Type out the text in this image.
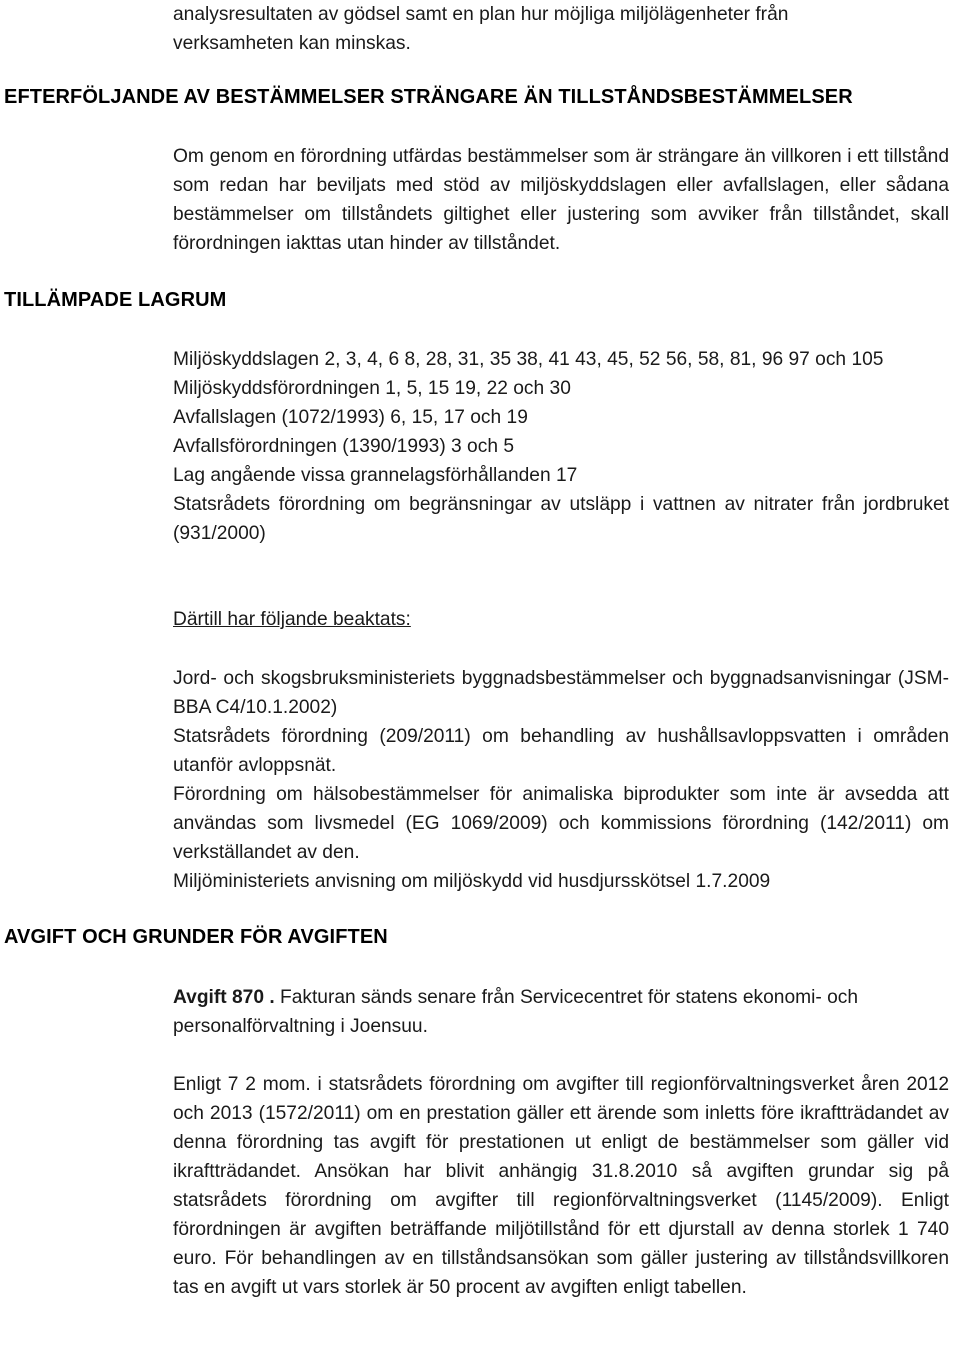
analysresultaten av gödsel samt en plan hur möjliga miljölägenheter från
verksamheten kan minskas.

EFTERFÖLJANDE AV BESTÄMMELSER STRÄNGARE ÄN TILLSTÅNDSBESTÄMMELSER

Om genom en förordning utfärdas bestämmelser som är strängare än villkoren i ett tillstånd som redan har beviljats med stöd av miljöskyddslagen eller avfallslagen, eller sådana bestämmelser om tillståndets giltighet eller justering som avviker från tillståndet, skall förordningen iakttas utan hinder av tillståndet.

TILLÄMPADE LAGRUM

Miljöskyddslagen 2, 3, 4, 6 8, 28, 31, 35 38, 41 43, 45, 52 56, 58, 81, 96 97 och 105

Miljöskyddsförordningen 1, 5, 15 19, 22 och 30

Avfallslagen (1072/1993) 6, 15, 17 och 19

Avfallsförordningen (1390/1993) 3 och 5

Lag angående vissa grannelagsförhållanden 17

Statsrådets förordning om begränsningar av utsläpp i vattnen av nitrater från jordbruket (931/2000)

Därtill har följande beaktats:

Jord- och skogsbruksministeriets byggnadsbestämmelser och byggnadsanvisningar (JSM-BBA C4/10.1.2002)

Statsrådets förordning (209/2011) om behandling av hushållsavloppsvatten i områden utanför avloppsnät.

Förordning om hälsobestämmelser för animaliska biprodukter som inte är avsedda att användas som livsmedel (EG 1069/2009) och kommissions förordning (142/2011) om verkställandet av den.

Miljöministeriets anvisning om miljöskydd vid husdjursskötsel 1.7.2009

AVGIFT OCH GRUNDER FÖR AVGIFTEN

Avgift 870 . Fakturan sänds senare från Servicecentret för statens ekonomi- och personalförvaltning i Joensuu.

Enligt 7 2 mom. i statsrådets förordning om avgifter till regionförvaltningsverket åren 2012 och 2013 (1572/2011) om en prestation gäller ett ärende som inletts före ikraftträdandet av denna förordning tas avgift för prestationen ut enligt de bestämmelser som gäller vid ikraftträdandet. Ansökan har blivit anhängig 31.8.2010 så avgiften grundar sig på statsrådets förordning om avgifter till regionförvaltningsverket (1145/2009). Enligt förordningen är avgiften beträffande miljötillstånd för ett djurstall av denna storlek 1 740 euro. För behandlingen av en tillståndsansökan som gäller justering av tillståndsvillkoren tas en avgift ut vars storlek är 50 procent av avgiften enligt tabellen.
